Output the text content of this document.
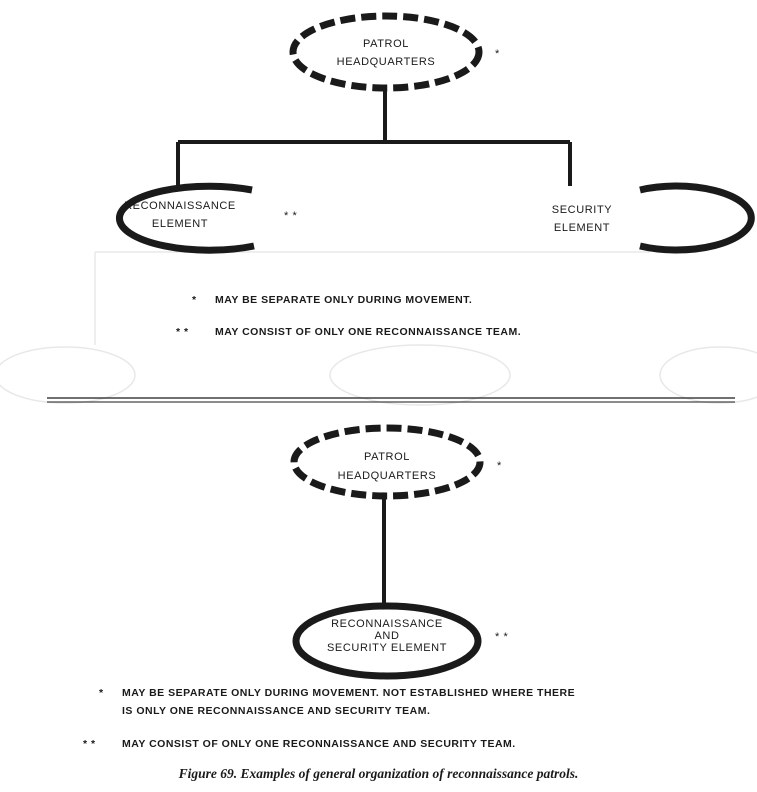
PATROL
HEADQUARTERS
*
RECONNAISSANCE
ELEMENT
* *	SECURITY
ELEMENT
* MAY BE SEPARATE ONLY DURING MOVEMENT.
* *	MAY CONSIST OF ONLY ONE RECONNAISSANCE TEAM.
PATROL
HEADQUARTERS
*
RECONNAISSANCE
AND
SECURITY ELEMENT
* *
* MAY BE SEPARATE ONLY DURING MOVEMENT. NOT ESTABLISHED WHERE THERE
IS ONLY ONE RECONNAISSANCE AND SECURITY TEAM.
* *	MAY CONSIST OF ONLY ONE RECONNAISSANCE AND SECURITY TEAM.

Figure 69. Examples of general organization of reconnaissance patrols.
